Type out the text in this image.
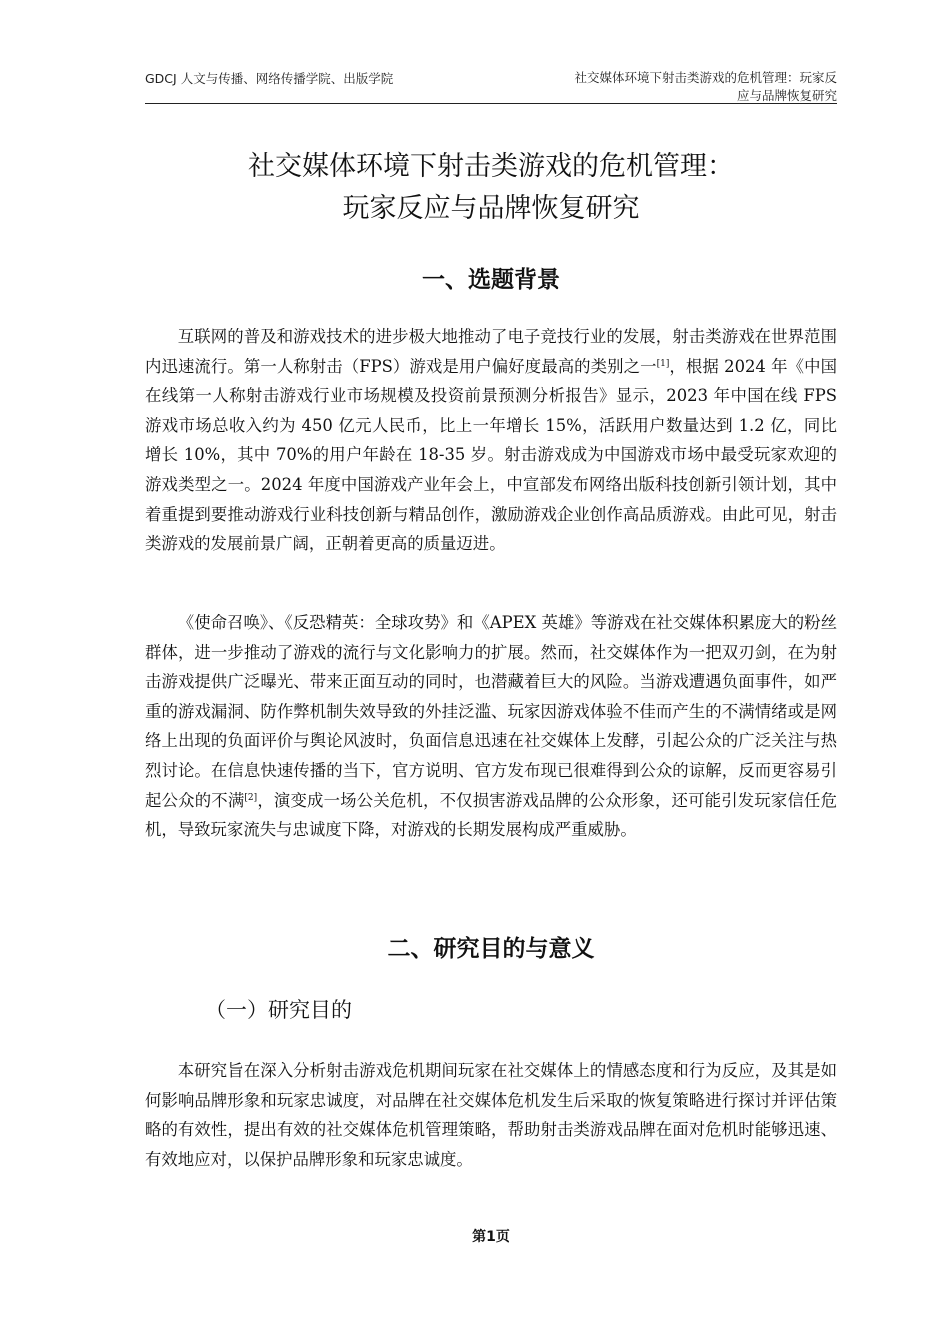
GDCJ 人文与传播、网络传播学院、出版学院	社交媒体环境下射击类游戏的危机管理：玩家反
应与品牌恢复研究
社交媒体环境下射击类游戏的危机管理：
玩家反应与品牌恢复研究
一、选题背景

互联网的普及和游戏技术的进步极大地推动了电子竞技行业的发展，射击类游戏在世界范围内迅速流行。第一人称射击（FPS）游戏是用户偏好度最高的类别之一[1]，根据 2024 年《中国在线第一人称射击游戏行业市场规模及投资前景预测分析报告》显示，2023 年中国在线 FPS 游戏市场总收入约为 450 亿元人民币，比上一年增长 15%，活跃用户数量达到 1.2 亿，同比增长 10%，其中 70%的用户年龄在 18-35 岁。射击游戏成为中国游戏市场中最受玩家欢迎的游戏类型之一。2024 年度中国游戏产业年会上，中宣部发布网络出版科技创新引领计划，其中着重提到要推动游戏行业科技创新与精品创作，激励游戏企业创作高品质游戏。由此可见，射击类游戏的发展前景广阔，正朝着更高的质量迈进。

《使命召唤》、《反恐精英：全球攻势》和《APEX 英雄》等游戏在社交媒体积累庞大的粉丝群体，进一步推动了游戏的流行与文化影响力的扩展。然而，社交媒体作为一把双刃剑，在为射击游戏提供广泛曝光、带来正面互动的同时，也潜藏着巨大的风险。当游戏遭遇负面事件，如严重的游戏漏洞、防作弊机制失效导致的外挂泛滥、玩家因游戏体验不佳而产生的不满情绪或是网络上出现的负面评价与舆论风波时，负面信息迅速在社交媒体上发酵，引起公众的广泛关注与热烈讨论。在信息快速传播的当下，官方说明、官方发布现已很难得到公众的谅解，反而更容易引起公众的不满[2]，演变成一场公关危机，不仅损害游戏品牌的公众形象，还可能引发玩家信任危机，导致玩家流失与忠诚度下降，对游戏的长期发展构成严重威胁。

二、研究目的与意义
（一）研究目的

本研究旨在深入分析射击游戏危机期间玩家在社交媒体上的情感态度和行为反应，及其是如何影响品牌形象和玩家忠诚度，对品牌在社交媒体危机发生后采取的恢复策略进行探讨并评估策略的有效性，提出有效的社交媒体危机管理策略，帮助射击类游戏品牌在面对危机时能够迅速、有效地应对，以保护品牌形象和玩家忠诚度。

第1页
